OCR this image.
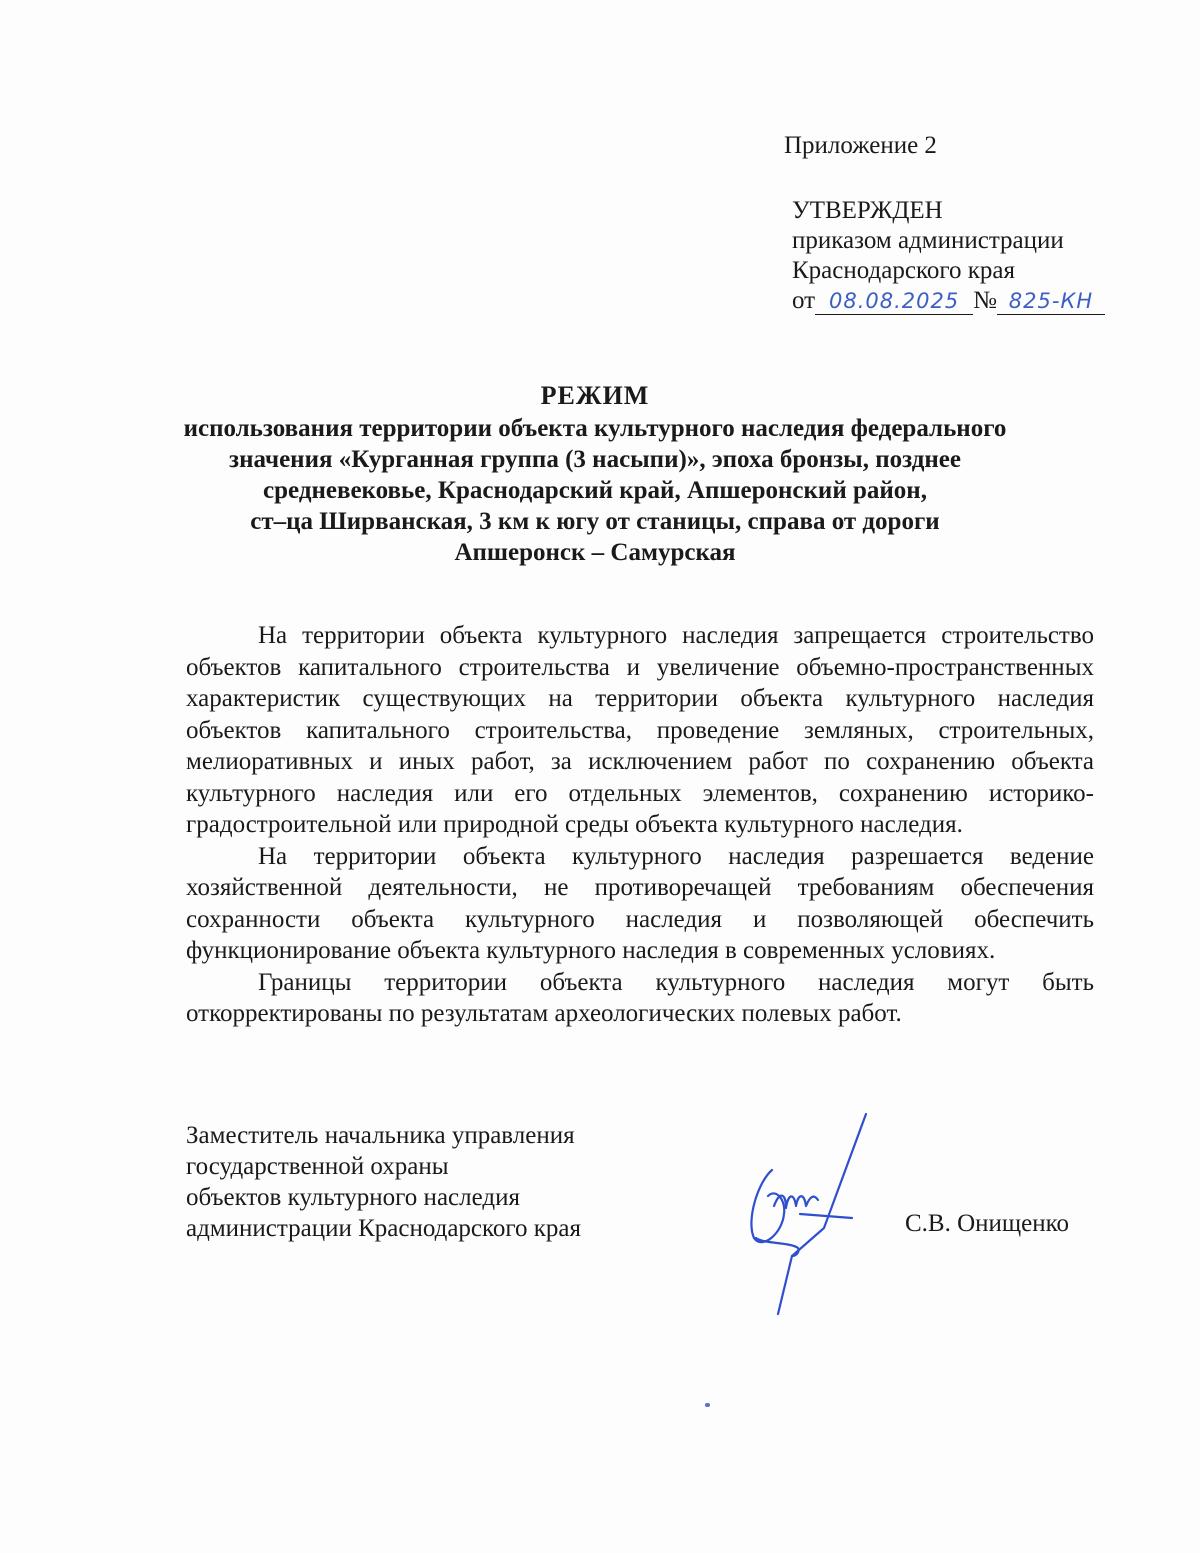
Приложение 2
УТВЕРЖДЕН
приказом администрации
Краснодарского края
от 08.08.2025 № 825-КН
РЕЖИМ
использования территории объекта культурного наследия федерального
значения «Курганная группа (3 насыпи)», эпоха бронзы, позднее
средневековье, Краснодарский край, Апшеронский район,
ст–ца Ширванская, 3 км к югу от станицы, справа от дороги
Апшеронск – Самурская

На территории объекта культурного наследия запрещается строительство объектов капитального строительства и увеличение объемно-пространственных характеристик существующих на территории объекта культурного наследия объектов капитального строительства, проведение земляных, строительных, мелиоративных и иных работ, за исключением работ по сохранению объекта культурного наследия или его отдельных элементов, сохранению историко-градостроительной или природной среды объекта культурного наследия.

На территории объекта культурного наследия разрешается ведение хозяйственной деятельности, не противоречащей требованиям обеспечения сохранности объекта культурного наследия и позволяющей обеспечить функционирование объекта культурного наследия в современных условиях.

Границы территории объекта культурного наследия могут быть откорректированы по результатам археологических полевых работ.

Заместитель начальника управления
государственной охраны
объектов культурного наследия
администрации Краснодарского края	С.В. Онищенко
